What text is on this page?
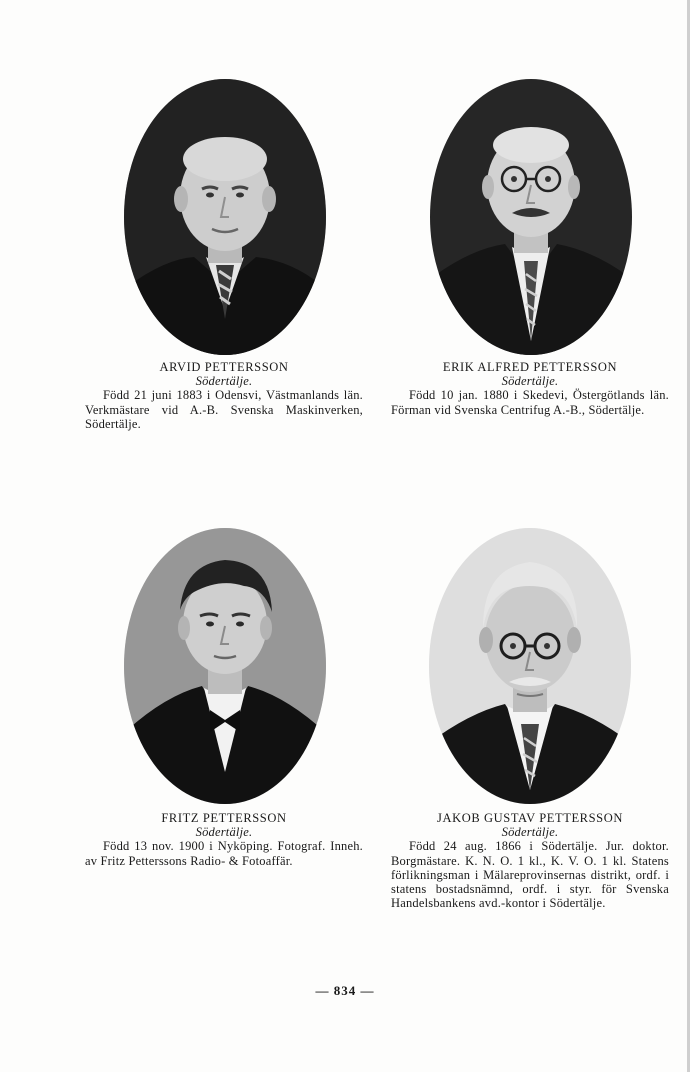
ARVID PETTERSSON
Södertälje.
Född 21 juni 1883 i Odensvi, Västmanlands län. Verkmästare vid A.-B. Svenska Maskinverken, Södertälje.
ERIK ALFRED PETTERSSON
Södertälje.
Född 10 jan. 1880 i Skedevi, Östergötlands län. Förman vid Svenska Centrifug A.-B., Södertälje.
FRITZ PETTERSSON
Södertälje.
Född 13 nov. 1900 i Nyköping. Fotograf. Inneh. av Fritz Petterssons Radio- & Fotoaffär.
JAKOB GUSTAV PETTERSSON
Södertälje.
Född 24 aug. 1866 i Södertälje. Jur. doktor. Borgmästare. K. N. O. 1 kl., K. V. O. 1 kl. Statens förlikningsman i Mälareprovinsernas distrikt, ordf. i statens bostadsnämnd, ordf. i styr. för Svenska Handelsbankens avd.-kontor i Södertälje.
— 834 —
